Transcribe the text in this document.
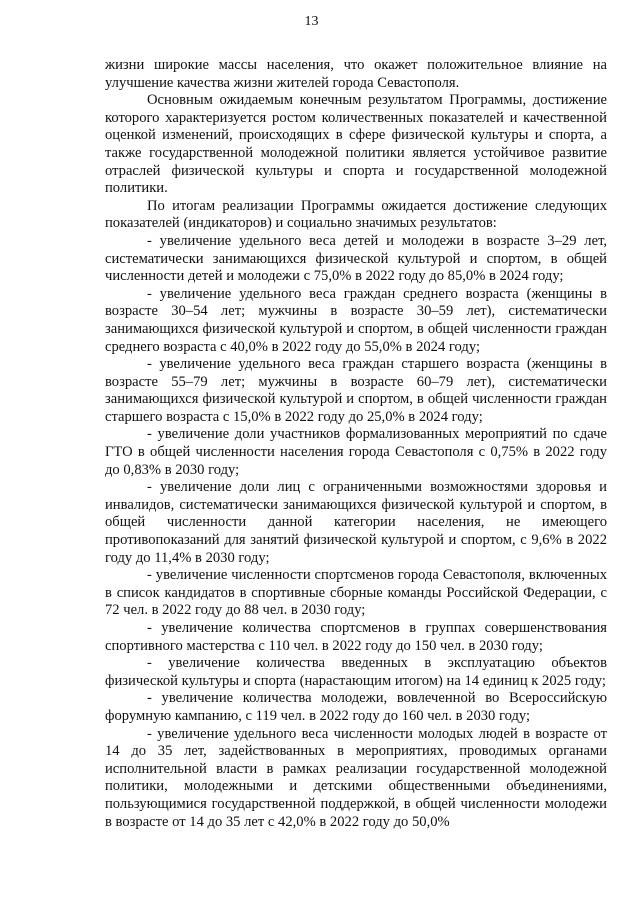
13

жизни широкие массы населения, что окажет положительное влияние на улучшение качества жизни жителей города Севастополя.

Основным ожидаемым конечным результатом Программы, достижение которого характеризуется ростом количественных показателей и качественной оценкой изменений, происходящих в сфере физической культуры и спорта, а также государственной молодежной политики является устойчивое развитие отраслей физической культуры и спорта и государственной молодежной политики.

По итогам реализации Программы ожидается достижение следующих показателей (индикаторов) и социально значимых результатов:

- увеличение удельного веса детей и молодежи в возрасте 3–29 лет, систематически занимающихся физической культурой и спортом, в общей численности детей и молодежи с 75,0% в 2022 году до 85,0% в 2024 году;

- увеличение удельного веса граждан среднего возраста (женщины в возрасте 30–54 лет; мужчины в возрасте 30–59 лет), систематически занимающихся физической культурой и спортом, в общей численности граждан среднего возраста с 40,0% в 2022 году до 55,0% в 2024 году;

- увеличение удельного веса граждан старшего возраста (женщины в возрасте 55–79 лет; мужчины в возрасте 60–79 лет), систематически занимающихся физической культурой и спортом, в общей численности граждан старшего возраста с 15,0% в 2022 году до 25,0% в 2024 году;

- увеличение доли участников формализованных мероприятий по сдаче ГТО в общей численности населения города Севастополя с 0,75% в 2022 году до 0,83% в 2030 году;

- увеличение доли лиц с ограниченными возможностями здоровья и инвалидов, систематически занимающихся физической культурой и спортом, в общей численности данной категории населения, не имеющего противопоказаний для занятий физической культурой и спортом, с 9,6% в 2022 году до 11,4% в 2030 году;

- увеличение численности спортсменов города Севастополя, включенных в список кандидатов в спортивные сборные команды Российской Федерации, с 72 чел. в 2022 году до 88 чел. в 2030 году;

- увеличение количества спортсменов в группах совершенствования спортивного мастерства с 110 чел. в 2022 году до 150 чел. в 2030 году;

- увеличение количества введенных в эксплуатацию объектов физической культуры и спорта (нарастающим итогом) на 14 единиц к 2025 году;

- увеличение количества молодежи, вовлеченной во Всероссийскую форумную кампанию, с 119 чел. в 2022 году до 160 чел. в 2030 году;

- увеличение удельного веса численности молодых людей в возрасте от 14 до 35 лет, задействованных в мероприятиях, проводимых органами исполнительной власти в рамках реализации государственной молодежной политики, молодежными и детскими общественными объединениями, пользующимися государственной поддержкой, в общей численности молодежи в возрасте от 14 до 35 лет с 42,0% в 2022 году до 50,0%
